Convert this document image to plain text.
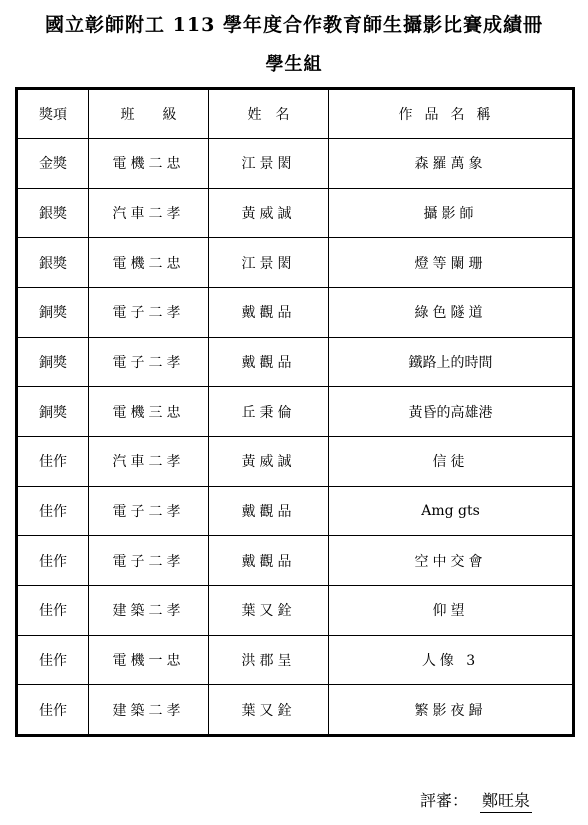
國立彰師附工 113 學年度合作教育師生攝影比賽成績冊
學生組
獎項	班　　級	姓　名	作品名稱
金獎	電機二忠	江景閎	森羅萬象
銀獎	汽車二孝	黃威誠	攝影師
銀獎	電機二忠	江景閎	燈等闌珊
銅獎	電子二孝	戴觀品	綠色隧道
銅獎	電子二孝	戴觀品	鐵路上的時間
銅獎	電機三忠	丘秉倫	黃昏的高雄港
佳作	汽車二孝	黃威誠	信徒
佳作	電子二孝	戴觀品	Amg gts
佳作	電子二孝	戴觀品	空中交會
佳作	建築二孝	葉又銓	仰望
佳作	電機一忠	洪郡呈	人像 3
佳作	建築二孝	葉又銓	繁影夜歸
評審： 鄭旺泉
